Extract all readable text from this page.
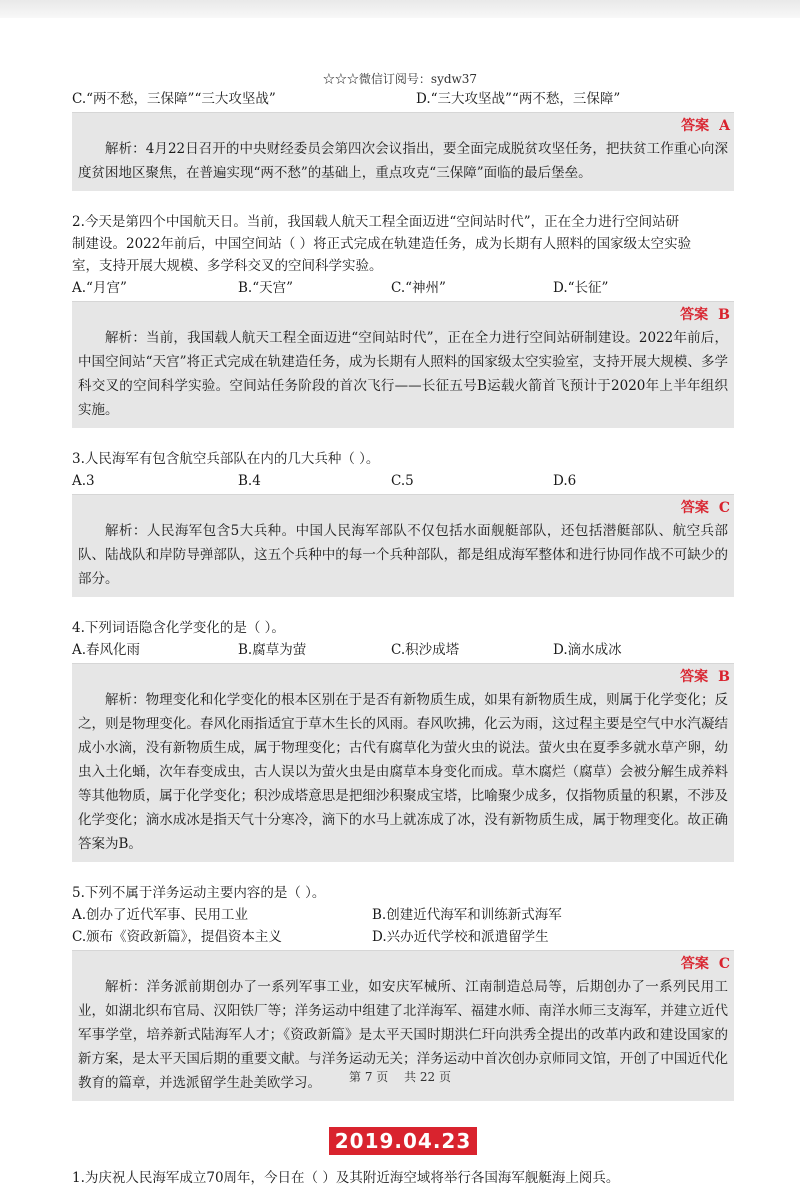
☆☆☆微信订阅号：sydw37
C.“两不愁，三保障”“三大攻坚战”	D.“三大攻坚战”“两不愁，三保障”
答案 A

解析：4月22日召开的中央财经委员会第四次会议指出，要全面完成脱贫攻坚任务，把扶贫工作重心向深度贫困地区聚焦，在普遍实现“两不愁”的基础上，重点攻克“三保障”面临的最后堡垒。

2.今天是第四个中国航天日。当前，我国载人航天工程全面迈进“空间站时代”，正在全力进行空间站研
制建设。2022年前后，中国空间站（ ）将正式完成在轨建造任务，成为长期有人照料的国家级太空实验
室，支持开展大规模、多学科交叉的空间科学实验。
A.“月宫”	B.“天宫”	C.“神州”	D.“长征”
答案 B

解析：当前，我国载人航天工程全面迈进“空间站时代”，正在全力进行空间站研制建设。2022年前后，中国空间站“天宫”将正式完成在轨建造任务，成为长期有人照料的国家级太空实验室，支持开展大规模、多学科交叉的空间科学实验。空间站任务阶段的首次飞行——长征五号B运载火箭首飞预计于2020年上半年组织实施。

3.人民海军有包含航空兵部队在内的几大兵种（ ）。
A.3	B.4	C.5	D.6
答案 C

解析：人民海军包含5大兵种。中国人民海军部队不仅包括水面舰艇部队，还包括潜艇部队、航空兵部队、陆战队和岸防导弹部队，这五个兵种中的每一个兵种部队，都是组成海军整体和进行协同作战不可缺少的部分。

4.下列词语隐含化学变化的是（ ）。
A.春风化雨	B.腐草为萤	C.积沙成塔	D.滴水成冰
答案 B

解析：物理变化和化学变化的根本区别在于是否有新物质生成，如果有新物质生成，则属于化学变化；反之，则是物理变化。春风化雨指适宜于草木生长的风雨。春风吹拂，化云为雨，这过程主要是空气中水汽凝结成小水滴，没有新物质生成，属于物理变化；古代有腐草化为萤火虫的说法。萤火虫在夏季多就水草产卵，幼虫入土化蛹，次年春变成虫，古人误以为萤火虫是由腐草本身变化而成。草木腐烂（腐草）会被分解生成养料等其他物质，属于化学变化；积沙成塔意思是把细沙积聚成宝塔，比喻聚少成多，仅指物质量的积累，不涉及化学变化；滴水成冰是指天气十分寒冷，滴下的水马上就冻成了冰，没有新物质生成，属于物理变化。故正确答案为B。

5.下列不属于洋务运动主要内容的是（ ）。
A.创办了近代军事、民用工业	B.创建近代海军和训练新式海军
C.颁布《资政新篇》，提倡资本主义	D.兴办近代学校和派遣留学生
答案 C

解析：洋务派前期创办了一系列军事工业，如安庆军械所、江南制造总局等，后期创办了一系列民用工业，如湖北织布官局、汉阳铁厂等；洋务运动中组建了北洋海军、福建水师、南洋水师三支海军，并建立近代军事学堂，培养新式陆海军人才；《资政新篇》是太平天国时期洪仁玕向洪秀全提出的改革内政和建设国家的新方案，是太平天国后期的重要文献。与洋务运动无关；洋务运动中首次创办京师同文馆，开创了中国近代化教育的篇章，并选派留学生赴美欧学习。

2019.04.23
1.为庆祝人民海军成立70周年，今日在（ ）及其附近海空域将举行各国海军舰艇海上阅兵。
第 7 页 共 22 页
